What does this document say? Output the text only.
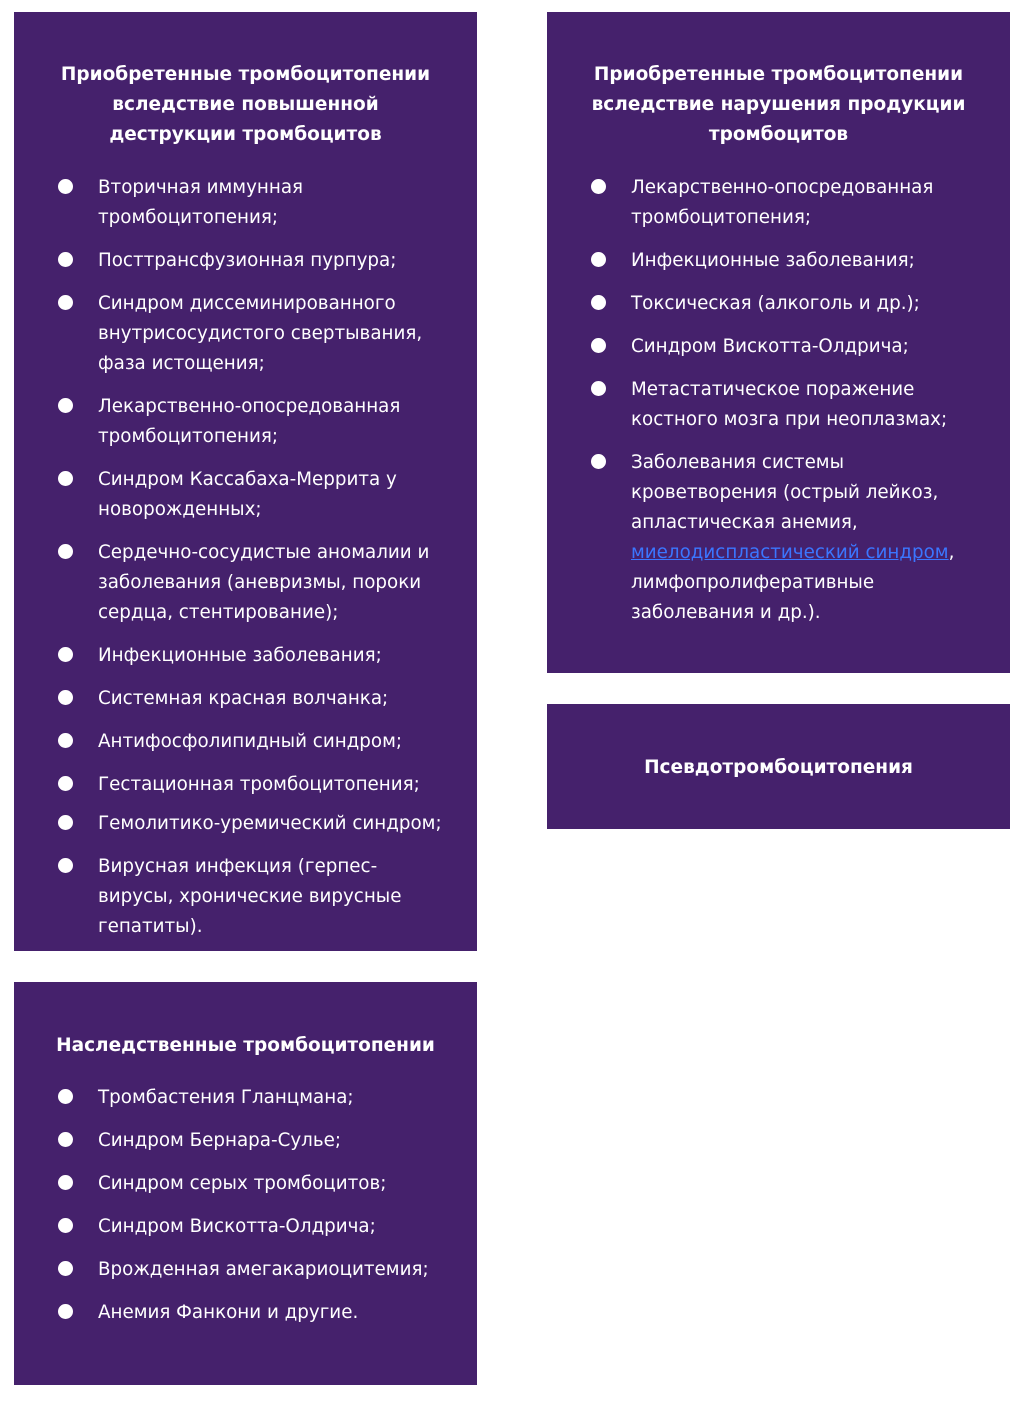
Приобретенные тромбоцитопении вследствие повышенной деструкции тромбоцитов
Вторичная иммунная тромбоцитопения;
Посттрансфузионная пурпура;
Синдром диссеминированного внутрисосудистого свертывания, фаза истощения;
Лекарственно-опосредованная тромбоцитопения;
Синдром Кассабаха-Меррита у новорожденных;
Сердечно-сосудистые аномалии и заболевания (аневризмы, пороки сердца, стентирование);
Инфекционные заболевания;
Системная красная волчанка;
Антифосфолипидный синдром;
Гестационная тромбоцитопения;
Гемолитико-уремический синдром;
Вирусная инфекция (герпес-вирусы, хронические вирусные гепатиты).
Приобретенные тромбоцитопении вследствие нарушения продукции тромбоцитов
Лекарственно-опосредованная тромбоцитопения;
Инфекционные заболевания;
Токсическая (алкоголь и др.);
Синдром Вискотта-Олдрича;
Метастатическое поражение костного мозга при неоплазмах;
Заболевания системы кроветворения (острый лейкоз, апластическая анемия, миелодиспластический синдром, лимфопролиферативные заболевания и др.).
Псевдотромбоцитопения
Наследственные тромбоцитопении
Тромбастения Гланцмана;
Синдром Бернара-Сулье;
Синдром серых тромбоцитов;
Синдром Вискотта-Олдрича;
Врожденная амегакариоцитемия;
Анемия Фанкони и другие.
